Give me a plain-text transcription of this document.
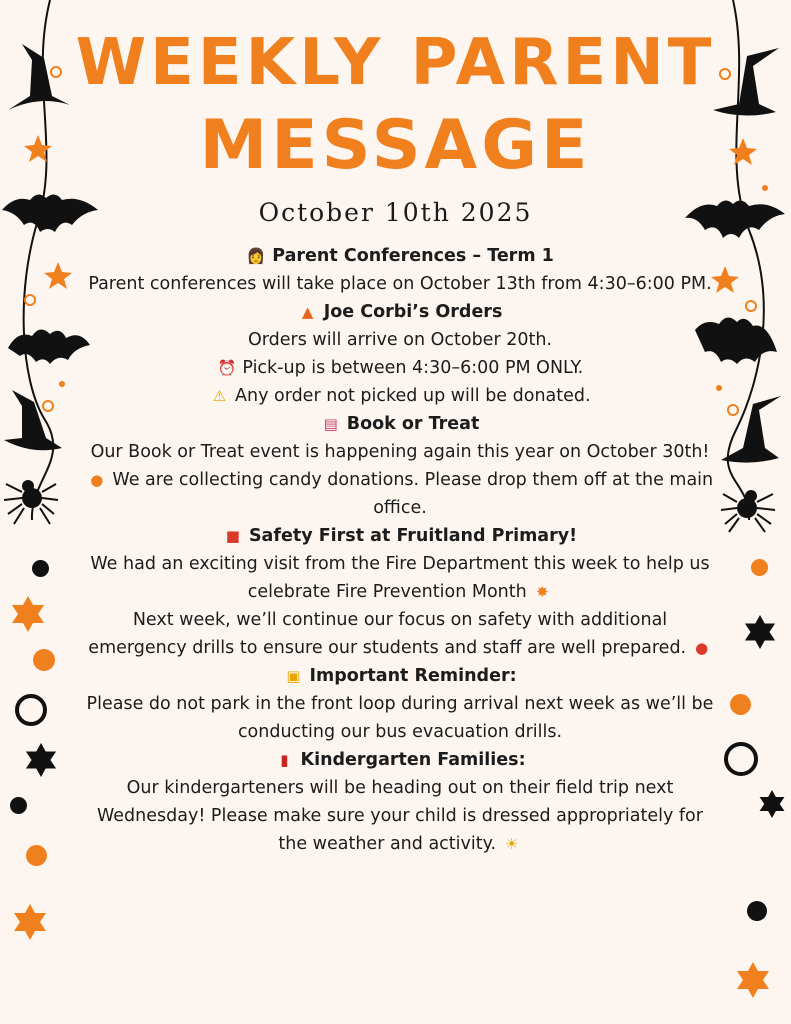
WEEKLY PARENT
MESSAGE
October 10th 2025

👩 Parent Conferences – Term 1

Parent conferences will take place on October 13th from 4:30–6:00 PM.

▲ Joe Corbi’s Orders

Orders will arrive on October 20th.

⏰ Pick-up is between 4:30–6:00 PM ONLY.

⚠ Any order not picked up will be donated.

▤ Book or Treat

Our Book or Treat event is happening again this year on October 30th!

● We are collecting candy donations. Please drop them off at the main office.

■ Safety First at Fruitland Primary!

We had an exciting visit from the Fire Department this week to help us celebrate Fire Prevention Month ✸

Next week, we’ll continue our focus on safety with additional emergency drills to ensure our students and staff are well prepared. ●

▣ Important Reminder:

Please do not park in the front loop during arrival next week as we’ll be conducting our bus evacuation drills.

▮ Kindergarten Families:

Our kindergarteners will be heading out on their field trip next Wednesday! Please make sure your child is dressed appropriately for the weather and activity. ☀
